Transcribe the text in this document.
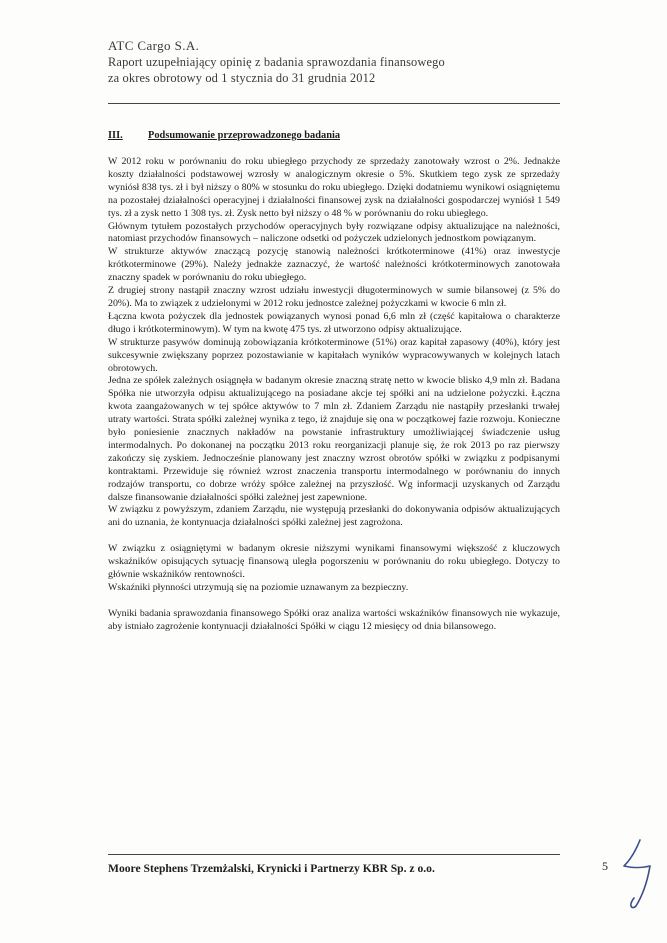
ATC Cargo S.A.
Raport uzupełniający opinię z badania sprawozdania finansowego
za okres obrotowy od 1 stycznia do 31 grudnia 2012
III. Podsumowanie przeprowadzonego badania

W 2012 roku w porównaniu do roku ubiegłego przychody ze sprzedaży zanotowały wzrost o 2%. Jednakże koszty działalności podstawowej wzrosły w analogicznym okresie o 5%. Skutkiem tego zysk ze sprzedaży wyniósł 838 tys. zł i był niższy o 80% w stosunku do roku ubiegłego. Dzięki dodatniemu wynikowi osiągniętemu na pozostałej działalności operacyjnej i działalności finansowej zysk na działalności gospodarczej wyniósł 1 549 tys. zł a zysk netto 1 308 tys. zł. Zysk netto był niższy o 48 % w porównaniu do roku ubiegłego.

Głównym tytułem pozostałych przychodów operacyjnych były rozwiązane odpisy aktualizujące na należności, natomiast przychodów finansowych – naliczone odsetki od pożyczek udzielonych jednostkom powiązanym.

W strukturze aktywów znaczącą pozycję stanowią należności krótkoterminowe (41%) oraz inwestycje krótkoterminowe (29%). Należy jednakże zaznaczyć, że wartość należności krótkoterminowych zanotowała znaczny spadek w porównaniu do roku ubiegłego.

Z drugiej strony nastąpił znaczny wzrost udziału inwestycji długoterminowych w sumie bilansowej (z 5% do 20%). Ma to związek z udzielonymi w 2012 roku jednostce zależnej pożyczkami w kwocie 6 mln zł.

Łączna kwota pożyczek dla jednostek powiązanych wynosi ponad 6,6 mln zł (część kapitałowa o charakterze długo i krótkoterminowym). W tym na kwotę 475 tys. zł utworzono odpisy aktualizujące.

W strukturze pasywów dominują zobowiązania krótkoterminowe (51%) oraz kapitał zapasowy (40%), który jest sukcesywnie zwiększany poprzez pozostawianie w kapitałach wyników wypracowywanych w kolejnych latach obrotowych.

Jedna ze spółek zależnych osiągnęła w badanym okresie znaczną stratę netto w kwocie blisko 4,9 mln zł. Badana Spółka nie utworzyła odpisu aktualizującego na posiadane akcje tej spółki ani na udzielone pożyczki. Łączna kwota zaangażowanych w tej spółce aktywów to 7 mln zł. Zdaniem Zarządu nie nastąpiły przesłanki trwałej utraty wartości. Strata spółki zależnej wynika z tego, iż znajduje się ona w początkowej fazie rozwoju. Konieczne było poniesienie znacznych nakładów na powstanie infrastruktury umożliwiającej świadczenie usług intermodalnych. Po dokonanej na początku 2013 roku reorganizacji planuje się, że rok 2013 po raz pierwszy zakończy się zyskiem. Jednocześnie planowany jest znaczny wzrost obrotów spółki w związku z podpisanymi kontraktami. Przewiduje się również wzrost znaczenia transportu intermodalnego w porównaniu do innych rodzajów transportu, co dobrze wróży spółce zależnej na przyszłość. Wg informacji uzyskanych od Zarządu dalsze finansowanie działalności spółki zależnej jest zapewnione.

W związku z powyższym, zdaniem Zarządu, nie występują przesłanki do dokonywania odpisów aktualizujących ani do uznania, że kontynuacja działalności spółki zależnej jest zagrożona.

W związku z osiągniętymi w badanym okresie niższymi wynikami finansowymi większość z kluczowych wskaźników opisujących sytuację finansową uległa pogorszeniu w porównaniu do roku ubiegłego. Dotyczy to głównie wskaźników rentowności.

Wskaźniki płynności utrzymują się na poziomie uznawanym za bezpieczny.

Wyniki badania sprawozdania finansowego Spółki oraz analiza wartości wskaźników finansowych nie wykazuje, aby istniało zagrożenie kontynuacji działalności Spółki w ciągu 12 miesięcy od dnia bilansowego.

Moore Stephens Trzemżalski, Krynicki i Partnerzy KBR Sp. z o.o.	5
